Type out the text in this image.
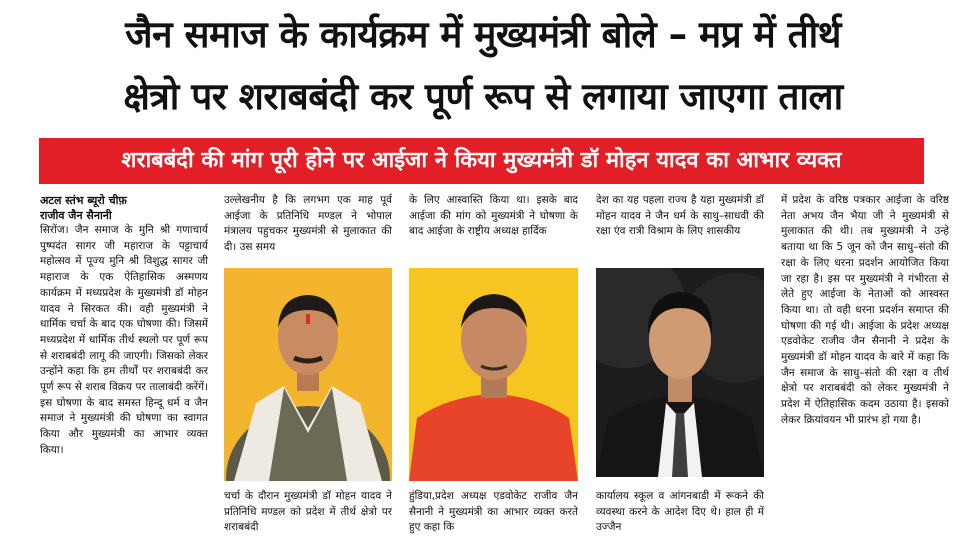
जैन समाज के कार्यक्रम में मुख्यमंत्री बोले – मप्र में तीर्थ
क्षेत्रो पर शराबबंदी कर पूर्ण रूप से लगाया जाएगा ताला
शराबबंदी की मांग पूरी होने पर आईजा ने किया मुख्यमंत्री डॉ मोहन यादव का आभार व्यक्त

अटल स्तंभ ब्यूरो चीफ़

राजीव जैन सैनानी

सिरोंज। जैन समाज के मुनि श्री गणाचार्य पुष्पदंत सागर जी महाराज के पट्टाचार्य महोत्सव में पूज्य मुनि श्री विशुद्ध सागर जी महाराज के एक ऐतिहासिक अस्मणय कार्यक्रम में मध्यप्रदेश के मुख्यमंत्री डॉ मोहन यादव ने सिरकत की। वही मुख्यमंत्री ने धार्मिक चर्चा के बाद एक घोषणा की। जिसमें मध्यप्रदेश में धार्मिक तीर्थ स्थलो पर पूर्ण रूप से शराबबंदी लागू की जाएगी। जिसको लेकर उन्होंने कहा कि हम तीर्थों पर शराबबंदी कर पूर्ण रूप से शराब विक्रय पर तालाबंदी करेंगें। इस घोषणा के बाद समस्त हिन्दू धर्म व जैन समाज ने मुख्यमंत्री की घोषणा का स्वागत किया और मुख्यमंत्री का आभार व्यक्त किया।

उल्लेखनीय है कि लगभग एक माह पूर्व आईजा के प्रतिनिधि मण्डल ने भोपाल मंत्रालय पहुचकर मुख्यमंत्री से मुलाकात की दी। उस समय

चर्चा के दौरान मुख्यमंत्री डॉ मोहन यादव ने प्रतिनिधि मण्डल को प्रदेश में तीर्थ क्षेत्रो पर शराबबंदी

के लिए आस्वास्ति किया था। इसके बाद आईजा की मांग को मुख्यमंत्री ने घोषणा के बाद आईजा के राष्ट्रीय अध्यक्ष हार्दिक

हुंडिया,प्रदेश अध्यक्ष एडवोकेट राजीव जैन सैनानी ने मुख्यमंत्री का आभार व्यक्त करते हुए कहा कि

देश का यह पहला राज्य है यहा मुख्यमंत्री डॉ मोहन यादव ने जैन धर्म के साधु–साधवी की रक्षा एंव रात्री विश्राम के लिए शासकीय

कार्यालय स्कूल व आंगनबाडी में रूकने की व्यवस्था करने के आदेश दिए थे। हाल ही में उज्जैन

में प्रदेश के वरिष्ठ पत्रकार आईजा के वरिष्ठ नेता अभय जैन भैया जी ने मुख्यमंत्री से मुलाकात की थी। तब मुख्यमंत्री ने उन्हे बताया था कि 5 जून को जैन साधु–संतो की रक्षा के लिए धरना प्रदर्शन आयोजित किया जा रहा है। इस पर मुख्यमंत्री ने गंभीरता से लेते हुए आईजा के नेताओं को आस्वस्त किया था। तो वही धरना प्रदर्शन समाप्त की घोषणा की गई थी। आईजा के प्रदेश अध्यक्ष एडवोकेट राजीव जैन सैनानी ने प्रदेश के मुख्यमंत्री डॉ मोहन यादव के बारे में कहा कि जैन समाज के साधु–संतो की रक्षा व तीर्थ क्षेत्रो पर शराबबंदी को लेकर मुख्यमंत्री ने प्रदेश में ऐतिहासिक कदम उठाया है। इसको लेकर क्रियांवयन भी प्रारंभ हो गया है।
